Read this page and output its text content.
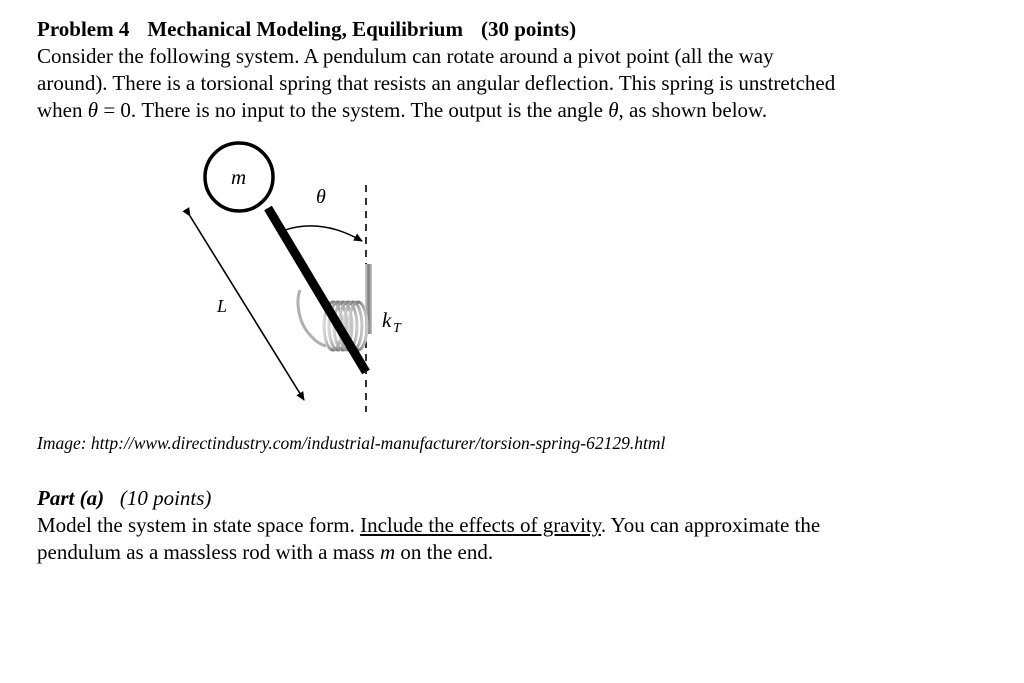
Problem 4 Mechanical Modeling, Equilibrium (30 points)
Consider the following system. A pendulum can rotate around a pivot point (all the way
around). There is a torsional spring that resists an angular deflection. This spring is unstretched
when θ = 0. There is no input to the system. The output is the angle θ, as shown below.
m
θ
L
k T
Image: http://www.directindustry.com/industrial-manufacturer/torsion-spring-62129.html
Part (a) (10 points)
Model the system in state space form. Include the effects of gravity. You can approximate the
pendulum as a massless rod with a mass m on the end.
